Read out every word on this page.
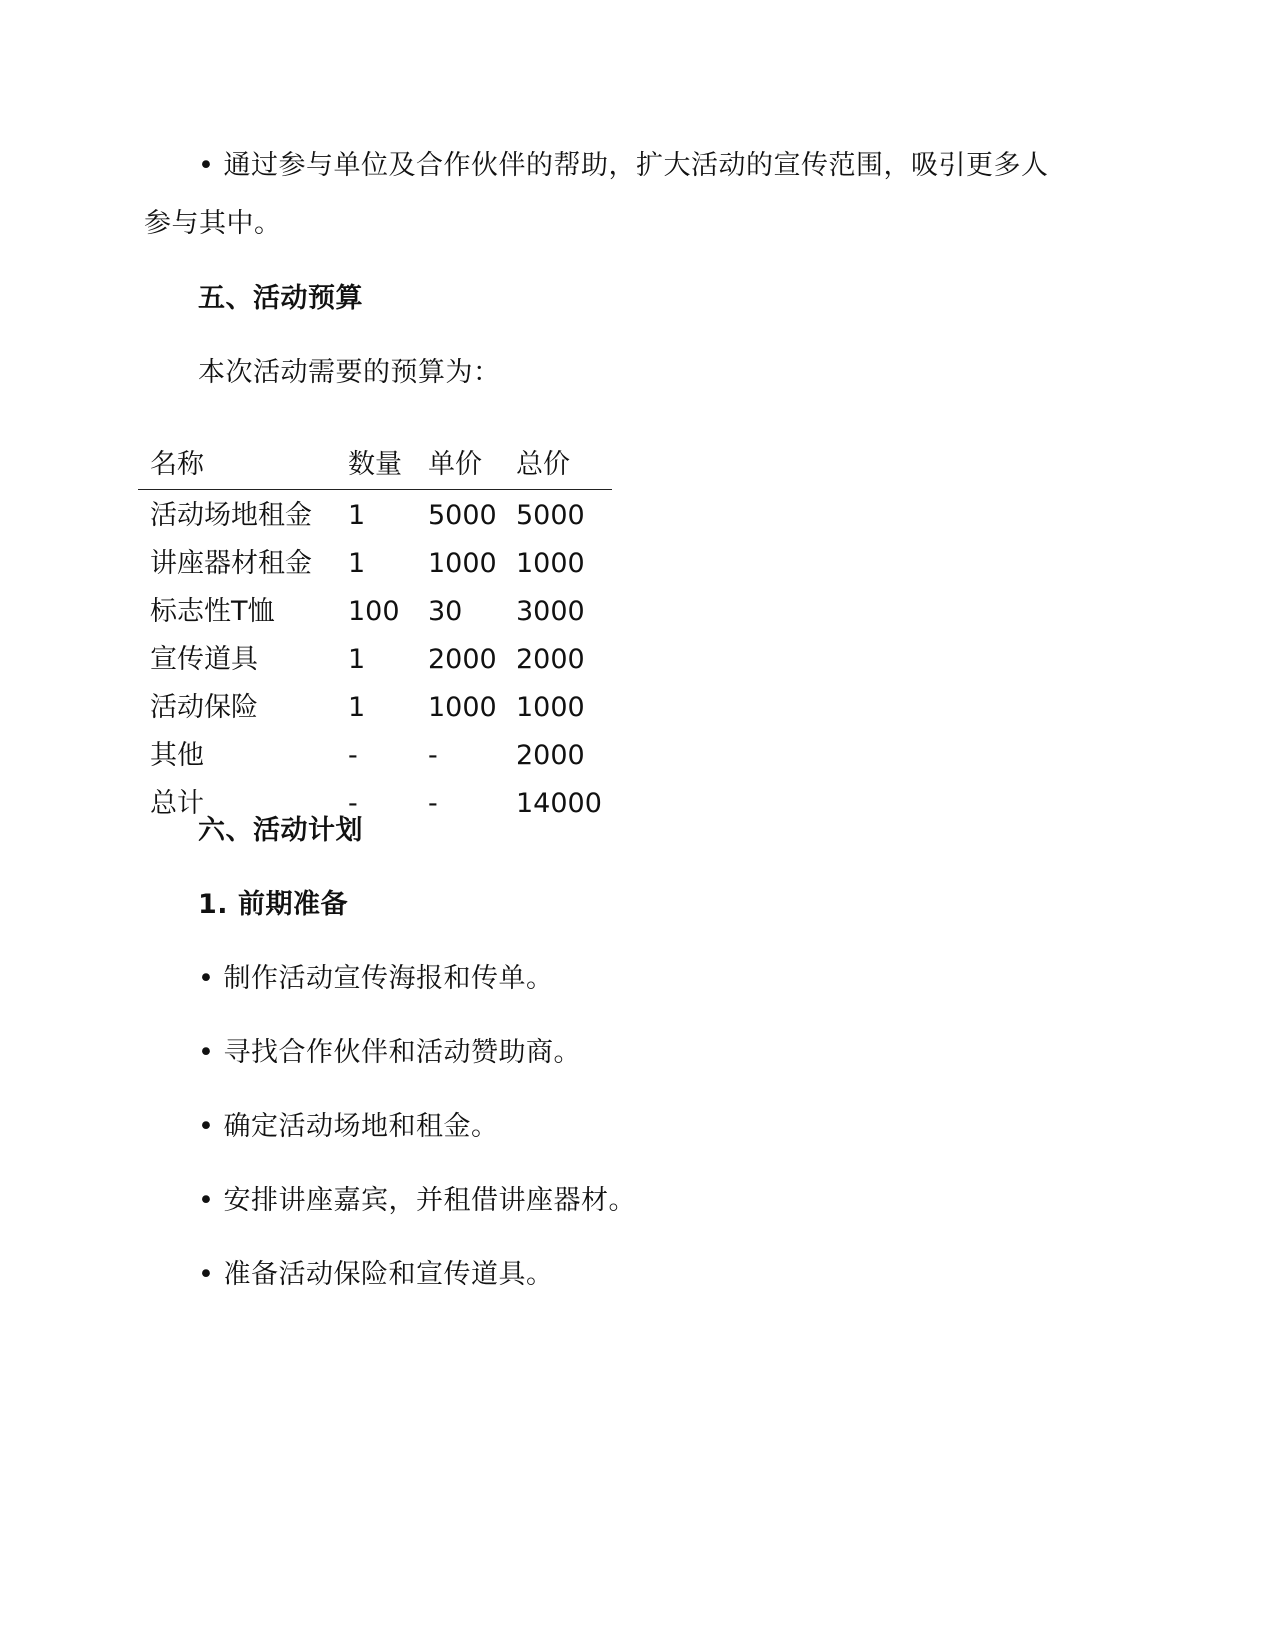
• 通过参与单位及合作伙伴的帮助，扩大活动的宣传范围，吸引更多人
参与其中。
五、活动预算
本次活动需要的预算为：
名称	数量	单价	总价
活动场地租金	1	5000	5000
讲座器材租金	1	1000	1000
标志性T恤	100	30	3000
宣传道具	1	2000	2000
活动保险	1	1000	1000
其他	-	-	2000
总计	-	-	14000
六、活动计划
1. 前期准备
• 制作活动宣传海报和传单。
• 寻找合作伙伴和活动赞助商。
• 确定活动场地和租金。
• 安排讲座嘉宾，并租借讲座器材。
• 准备活动保险和宣传道具。
